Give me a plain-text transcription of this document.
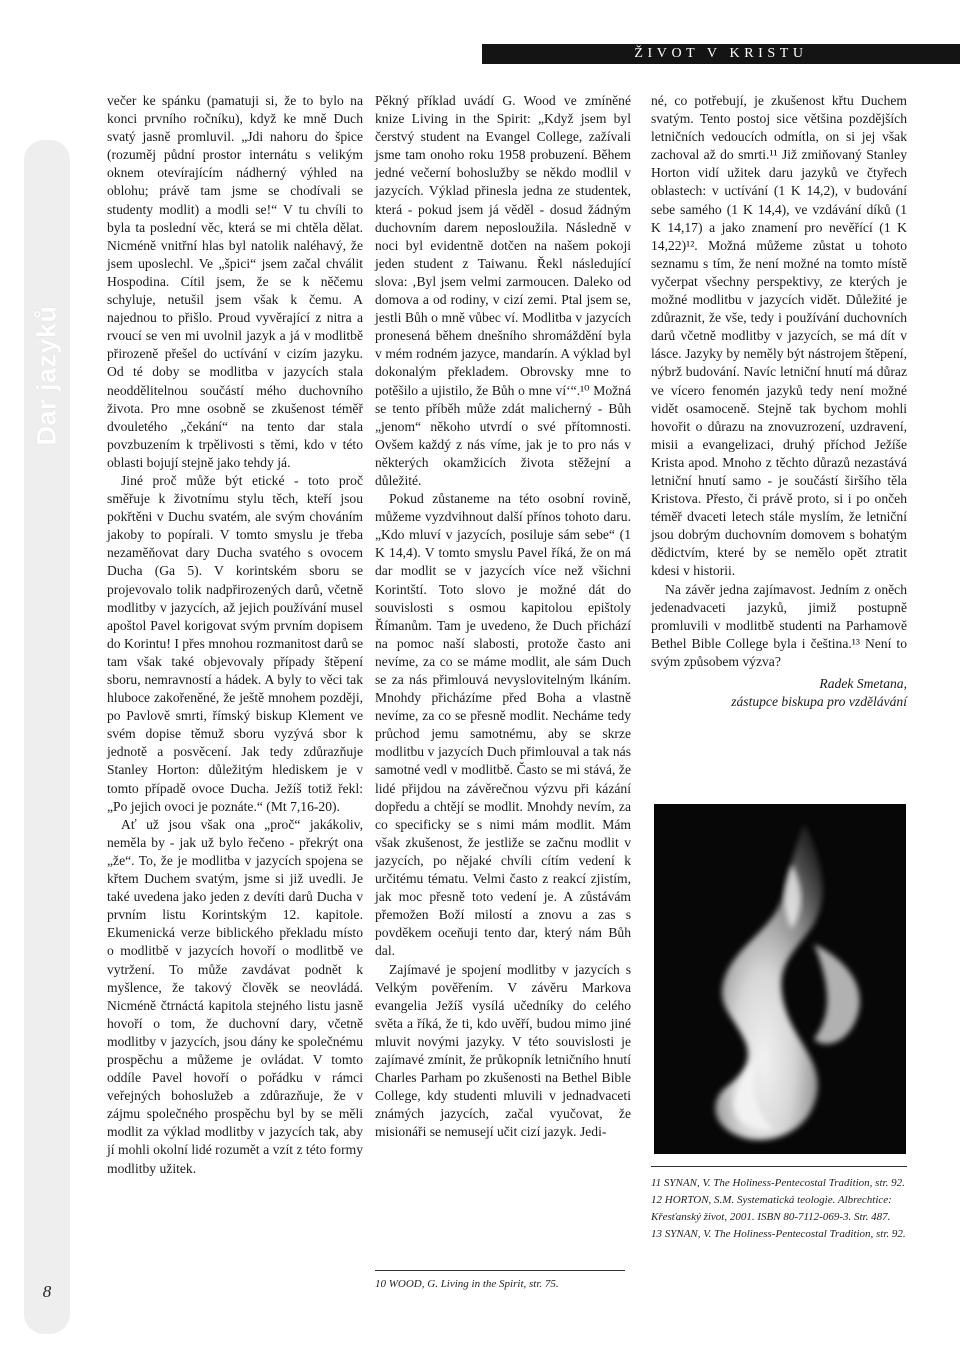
ŽIVOT V KRISTU
Dar jazyků
8

večer ke spánku (pamatuji si, že to bylo na konci prvního ročníku), když ke mně Duch svatý jasně promluvil. „Jdi nahoru do špice (rozuměj půdní prostor internátu s velikým oknem otevírajícím nádherný výhled na oblohu; právě tam jsme se chodívali se studenty modlit) a modli se!“ V tu chvíli to byla ta poslední věc, která se mi chtěla dělat. Nicméně vnitřní hlas byl natolik naléhavý, že jsem uposlechl. Ve „špici“ jsem začal chválit Hospodina. Cítil jsem, že se k něčemu schyluje, netušil jsem však k čemu. A najednou to přišlo. Proud vyvěrající z nitra a rvoucí se ven mi uvolnil jazyk a já v modlitbě přirozeně přešel do uctívání v cizím jazyku. Od té doby se modlitba v jazycích stala neoddělitelnou součástí mého duchovního života. Pro mne osobně se zkušenost téměř dvouletého „čekání“ na tento dar stala povzbuzením k trpělivosti s těmi, kdo v této oblasti bojují stejně jako tehdy já.

Jiné proč může být etické - toto proč směřuje k životnímu stylu těch, kteří jsou pokřtěni v Duchu svatém, ale svým chováním jakoby to popírali. V tomto smyslu je třeba nezaměňovat dary Ducha svatého s ovocem Ducha (Ga 5). V korintském sboru se projevovalo tolik nadpřirozených darů, včetně modlitby v jazycích, až jejich používání musel apoštol Pavel korigovat svým prvním dopisem do Korintu! I přes mnohou rozmanitost darů se tam však také objevovaly případy štěpení sboru, nemravností a hádek. A byly to věci tak hluboce zakořeněné, že ještě mnohem později, po Pavlově smrti, římský biskup Klement ve svém dopise těmuž sboru vyzývá sbor k jednotě a posvěcení. Jak tedy zdůrazňuje Stanley Horton: důležitým hlediskem je v tomto případě ovoce Ducha. Ježíš totiž řekl: „Po jejich ovoci je poznáte.“ (Mt 7,16-20).

Ať už jsou však ona „proč“ jakákoliv, neměla by - jak už bylo řečeno - překrýt ona „že“. To, že je modlitba v jazycích spojena se křtem Duchem svatým, jsme si již uvedli. Je také uvedena jako jeden z devíti darů Ducha v prvním listu Korintským 12. kapitole. Ekumenická verze biblického překladu místo o modlitbě v jazycích hovoří o modlitbě ve vytržení. To může zavdávat podnět k myšlence, že takový člověk se neovládá. Nicméně čtrnáctá kapitola stejného listu jasně hovoří o tom, že duchovní dary, včetně modlitby v jazycích, jsou dány ke společnému prospěchu a můžeme je ovládat. V tomto oddíle Pavel hovoří o pořádku v rámci veřejných bohoslužeb a zdůrazňuje, že v zájmu společného prospěchu byl by se měli modlit za výklad modlitby v jazycích tak, aby jí mohli okolní lidé rozumět a vzít z této formy modlitby užitek.

Pěkný příklad uvádí G. Wood ve zmíněné knize Living in the Spirit: „Když jsem byl čerstvý student na Evangel College, zažívali jsme tam onoho roku 1958 probuzení. Během jedné večerní bohoslužby se někdo modlil v jazycích. Výklad přinesla jedna ze studentek, která - pokud jsem já věděl - dosud žádným duchovním darem neposloužila. Následně v noci byl evidentně dotčen na našem pokoji jeden student z Taiwanu. Řekl následující slova: ‚Byl jsem velmi zarmoucen. Daleko od domova a od rodiny, v cizí zemi. Ptal jsem se, jestli Bůh o mně vůbec ví. Modlitba v jazycích pronesená během dnešního shromáždění byla v mém rodném jazyce, mandarín. A výklad byl dokonalým překladem. Obrovsky mne to potěšilo a ujistilo, že Bůh o mne ví‘“.¹⁰ Možná se tento příběh může zdát malicherný - Bůh „jenom“ někoho utvrdí o své přítomnosti. Ovšem každý z nás víme, jak je to pro nás v některých okamžicích života stěžejní a důležité.

Pokud zůstaneme na této osobní rovině, můžeme vyzdvihnout další přínos tohoto daru. „Kdo mluví v jazycích, posiluje sám sebe“ (1 K 14,4). V tomto smyslu Pavel říká, že on má dar modlit se v jazycích více než všichni Korintští. Toto slovo je možné dát do souvislosti s osmou kapitolou epištoly Římanům. Tam je uvedeno, že Duch přichází na pomoc naší slabosti, protože často ani nevíme, za co se máme modlit, ale sám Duch se za nás přimlouvá nevyslovitelným lkáním. Mnohdy přicházíme před Boha a vlastně nevíme, za co se přesně modlit. Necháme tedy průchod jemu samotnému, aby se skrze modlitbu v jazycích Duch přimlouval a tak nás samotné vedl v modlitbě. Často se mi stává, že lidé přijdou na závěrečnou výzvu při kázání dopředu a chtějí se modlit. Mnohdy nevím, za co specificky se s nimi mám modlit. Mám však zkušenost, že jestliže se začnu modlit v jazycích, po nějaké chvíli cítím vedení k určitému tématu. Velmi často z reakcí zjistím, jak moc přesně toto vedení je. A zůstávám přemožen Boží milostí a znovu a zas s povděkem oceňuji tento dar, který nám Bůh dal.

Zajímavé je spojení modlitby v jazycích s Velkým pověřením. V závěru Markova evangelia Ježíš vysílá učedníky do celého světa a říká, že ti, kdo uvěří, budou mimo jiné mluvit novými jazyky. V této souvislosti je zajímavé zmínit, že průkopník letničního hnutí Charles Parham po zkušenosti na Bethel Bible College, kdy studenti mluvili v jednadvaceti známých jazycích, začal vyučovat, že misionáři se nemusejí učit cizí jazyk. Jedi-

10 WOOD, G. Living in the Spirit, str. 75.

né, co potřebují, je zkušenost křtu Duchem svatým. Tento postoj sice většina pozdějších letničních vedoucích odmítla, on si jej však zachoval až do smrti.¹¹ Již zmiňovaný Stanley Horton vidí užitek daru jazyků ve čtyřech oblastech: v uctívání (1 K 14,2), v budování sebe samého (1 K 14,4), ve vzdávání díků (1 K 14,17) a jako znamení pro nevěřící (1 K 14,22)¹². Možná můžeme zůstat u tohoto seznamu s tím, že není možné na tomto místě vyčerpat všechny perspektivy, ze kterých je možné modlitbu v jazycích vidět. Důležité je zdůraznit, že vše, tedy i používání duchovních darů včetně modlitby v jazycích, se má dít v lásce. Jazyky by neměly být nástrojem štěpení, nýbrž budování. Navíc letniční hnutí má důraz ve vícero fenomén jazyků tedy není možné vidět osamoceně. Stejně tak bychom mohli hovořit o důrazu na znovuzrození, uzdravení, misii a evangelizaci, druhý příchod Ježíše Krista apod. Mnoho z těchto důrazů nezastává letniční hnutí samo - je součástí širšího těla Kristova. Přesto, či právě proto, si i po ončeh téměř dvaceti letech stále myslím, že letniční jsou dobrým duchovním domovem s bohatým dědictvím, které by se nemělo opět ztratit kdesi v historii.

Na závěr jedna zajímavost. Jedním z oněch jedenadvaceti jazyků, jimiž postupně promluvili v modlitbě studenti na Parhamově Bethel Bible College byla i čeština.¹³ Není to svým způsobem výzva?

Radek Smetana,
zástupce biskupa pro vzdělávání

11 SYNAN, V. The Holiness-Pentecostal Tradition, str. 92.

12 HORTON, S.M. Systematická teologie. Albrechtice: Křesťanský život, 2001. ISBN 80-7112-069-3. Str. 487.

13 SYNAN, V. The Holiness-Pentecostal Tradition, str. 92.
